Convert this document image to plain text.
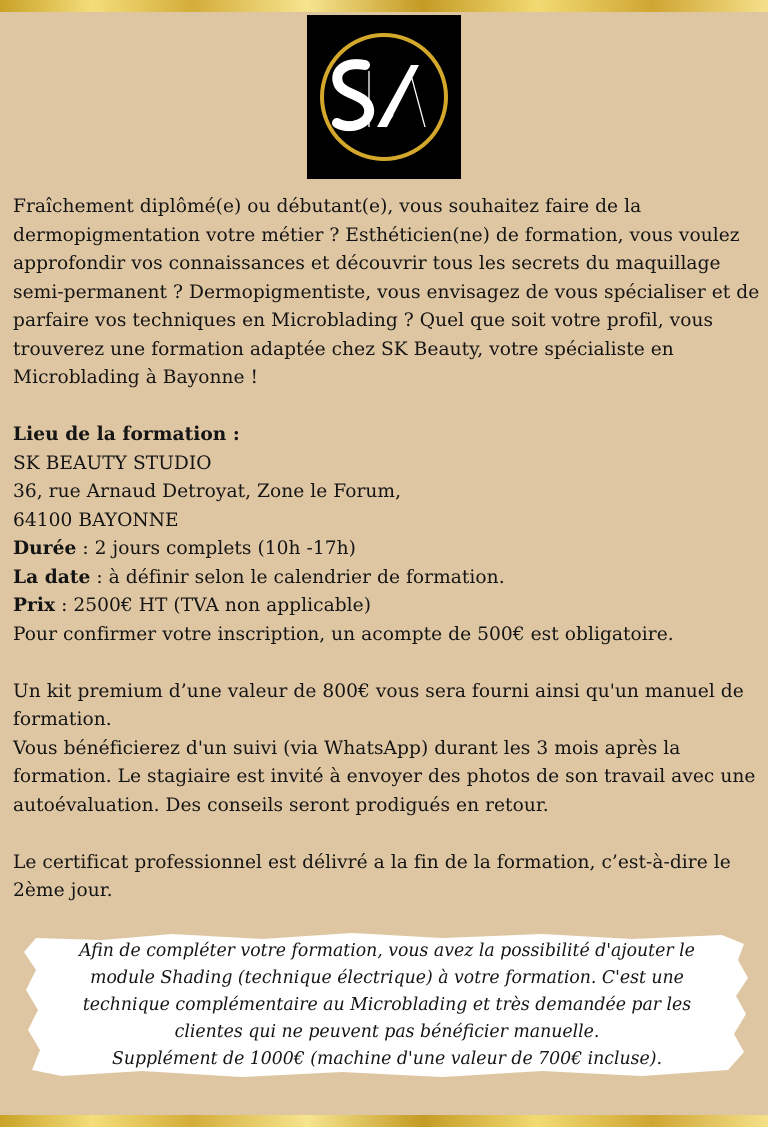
Fraîchement diplômé(e) ou débutant(e), vous souhaitez faire de la dermopigmentation votre métier ? Esthéticien(ne) de formation, vous voulez approfondir vos connaissances et découvrir tous les secrets du maquillage semi-permanent ? Dermopigmentiste, vous envisagez de vous spécialiser et de parfaire vos techniques en Microblading ? Quel que soit votre profil, vous trouverez une formation adaptée chez SK Beauty, votre spécialiste en Microblading à Bayonne !

Lieu de la formation :

SK BEAUTY STUDIO

36, rue Arnaud Detroyat, Zone le Forum,

64100 BAYONNE

Durée : 2 jours complets (10h -17h)

La date : à définir selon le calendrier de formation.

Prix : 2500€ HT (TVA non applicable)

Pour confirmer votre inscription, un acompte de 500€ est obligatoire.

Un kit premium d’une valeur de 800€ vous sera fourni ainsi qu'un manuel de formation.

Vous bénéficierez d'un suivi (via WhatsApp) durant les 3 mois après la formation. Le stagiaire est invité à envoyer des photos de son travail avec une autoévaluation. Des conseils seront prodigués en retour.

Le certificat professionnel est délivré a la fin de la formation, c’est-à-dire le 2ème jour.

Afin de compléter votre formation, vous avez la possibilité d'ajouter le
module Shading (technique électrique) à votre formation. C'est une
technique complémentaire au Microblading et très demandée par les
clientes qui ne peuvent pas bénéficier manuelle.
Supplément de 1000€ (machine d'une valeur de 700€ incluse).
